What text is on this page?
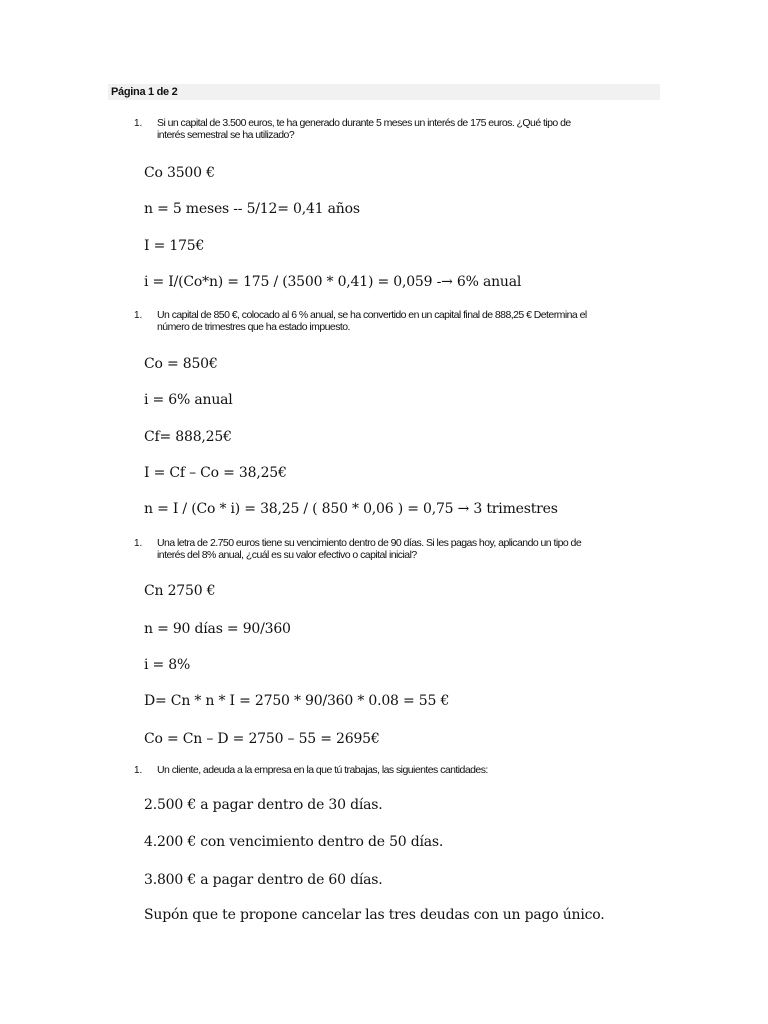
Página 1 de 2
1. Si un capital de 3.500 euros, te ha generado durante 5 meses un interés de 175 euros. ¿Qué tipo de
interés semestral se ha utilizado?
Co 3500 €
n = 5 meses -- 5/12= 0,41 años
I = 175€
i = I/(Co*n) = 175 / (3500 * 0,41) = 0,059 -→ 6% anual
1. Un capital de 850 €, colocado al 6 % anual, se ha convertido en un capital final de 888,25 € Determina el
número de trimestres que ha estado impuesto.
Co = 850€
i = 6% anual
Cf= 888,25€
I = Cf – Co = 38,25€
n = I / (Co * i) = 38,25 / ( 850 * 0,06 ) = 0,75 → 3 trimestres
1. Una letra de 2.750 euros tiene su vencimiento dentro de 90 días. Si les pagas hoy, aplicando un tipo de
interés del 8% anual, ¿cuál es su valor efectivo o capital inicial?
Cn 2750 €
n = 90 días = 90/360
i = 8%
D= Cn * n * I = 2750 * 90/360 * 0.08 = 55 €
Co = Cn – D = 2750 – 55 = 2695€
1. Un cliente, adeuda a la empresa en la que tú trabajas, las siguientes cantidades:
2.500 € a pagar dentro de 30 días.
4.200 € con vencimiento dentro de 50 días.
3.800 € a pagar dentro de 60 días.
Supón que te propone cancelar las tres deudas con un pago único.
